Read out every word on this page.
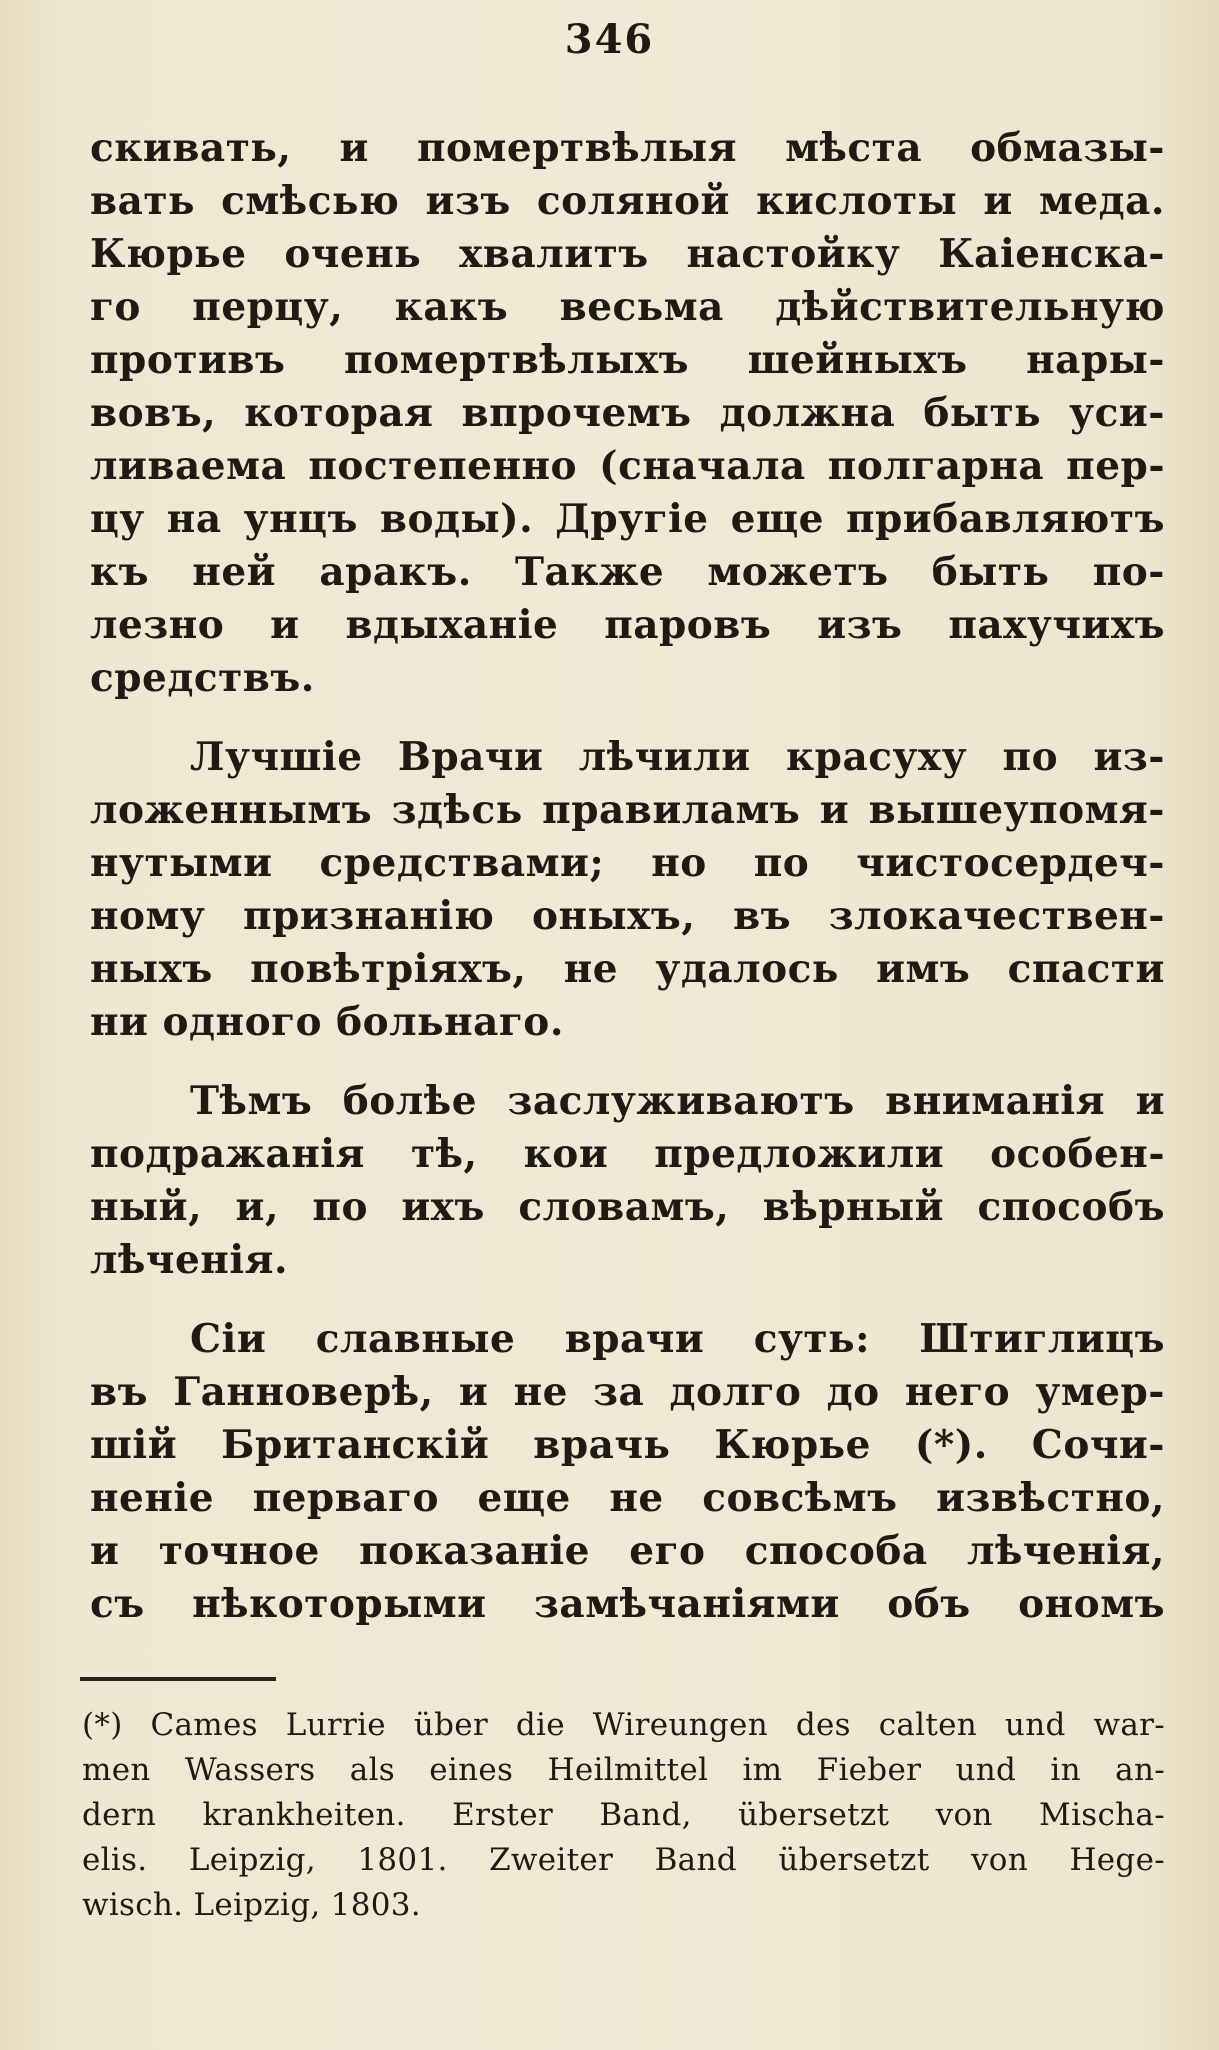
346
скивать, и помертвѣлыя мѣста обмазы-
вать смѣсью изъ соляной кислоты и меда.
Кюрье очень хвалитъ настойку Каіенска-
го перцу, какъ весьма дѣйствительную
противъ помертвѣлыхъ шейныхъ нары-
вовъ, которая впрочемъ должна быть уси-
ливаема постепенно (сначала полгарна пер-
цу на унцъ воды). Другіе еще прибавляютъ
къ ней аракъ. Также можетъ быть по-
лезно и вдыханіе паровъ изъ пахучихъ
средствъ.
Лучшіе Врачи лѣчили красуху по из-
ложеннымъ здѣсь правиламъ и вышеупомя-
нутыми средствами; но по чистосердеч-
ному признанію оныхъ, въ злокачествен-
ныхъ повѣтріяхъ, не удалось имъ спасти
ни одного больнаго.
Тѣмъ болѣе заслуживаютъ вниманія и
подражанія тѣ, кои предложили особен-
ный, и, по ихъ словамъ, вѣрный способъ
лѣченія.
Сіи славные врачи суть: Штиглицъ
въ Ганноверѣ, и не за долго до него умер-
шій Британскій врачь Кюрье (*). Сочи-
неніе перваго еще не совсѣмъ извѣстно,
и точное показаніе его способа лѣченія,
съ нѣкоторыми замѣчаніями объ ономъ
(*) Cames Lurrie über die Wireungen des calten und war-
men Wassers als eines Heilmittel im Fieber und in an-
dern krankheiten. Erster Band, übersetzt von Mischa-
elis. Leipzig, 1801. Zweiter Band übersetzt von Hege-
wisch. Leipzig, 1803.
